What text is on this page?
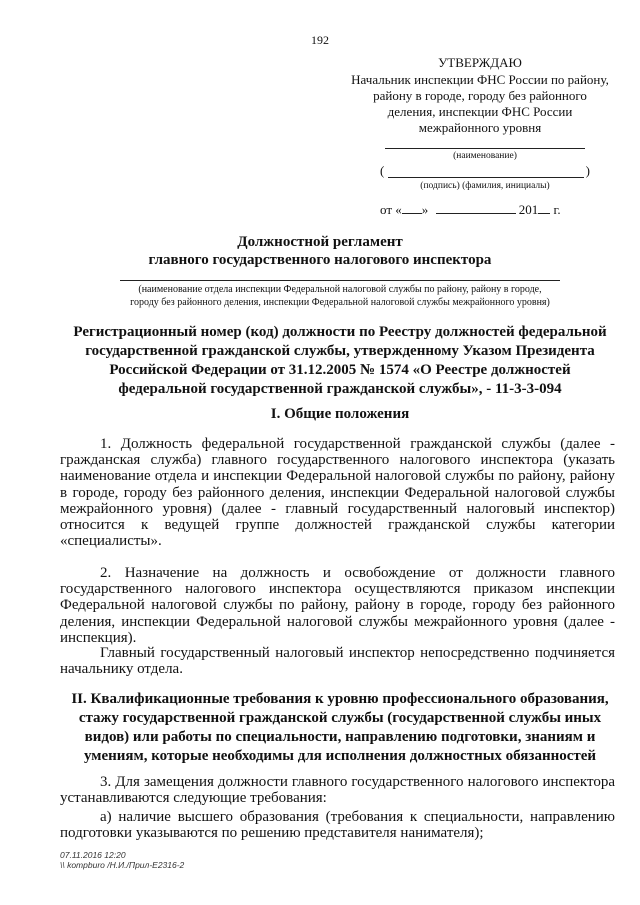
192
УТВЕРЖДАЮ
Начальник инспекции ФНС России по району,
району в городе, городу без районного
деления, инспекции ФНС России
межрайонного уровня
(наименование)
(	)
(подпись) (фамилия, инициалы)
от « »	201 г.
Должностной регламент
главного государственного налогового инспектора
(наименование отдела инспекции Федеральной налоговой службы по району, району в городе,
городу без районного деления, инспекции Федеральной налоговой службы межрайонного уровня)
Регистрационный номер (код) должности по Реестру должностей федеральной
государственной гражданской службы, утвержденному Указом Президента
Российской Федерации от 31.12.2005 № 1574 «О Реестре должностей
федеральной государственной гражданской службы», - 11-3-3-094
I. Общие положения
1. Должность федеральной государственной гражданской службы (далее - гражданская служба) главного государственного налогового инспектора (указать наименование отдела и инспекции Федеральной налоговой службы по району, району в городе, городу без районного деления, инспекции Федеральной налоговой службы межрайонного уровня) (далее - главный государственный налоговый инспектор) относится к ведущей группе должностей гражданской службы категории «специалисты».
2. Назначение на должность и освобождение от должности главного государственного налогового инспектора осуществляются приказом инспекции Федеральной налоговой службы по району, району в городе, городу без районного деления, инспекции Федеральной налоговой службы межрайонного уровня (далее - инспекция).
Главный государственный налоговый инспектор непосредственно подчиняется начальнику отдела.
II. Квалификационные требования к уровню профессионального образования,
стажу государственной гражданской службы (государственной службы иных
видов) или работы по специальности, направлению подготовки, знаниям и
умениям, которые необходимы для исполнения должностных обязанностей
3. Для замещения должности главного государственного налогового инспектора устанавливаются следующие требования:
а) наличие высшего образования (требования к специальности, направлению подготовки указываются по решению представителя нанимателя);
07.11.2016 12:20
\\ kompburo /Н.И./Прил-Е2316-2
